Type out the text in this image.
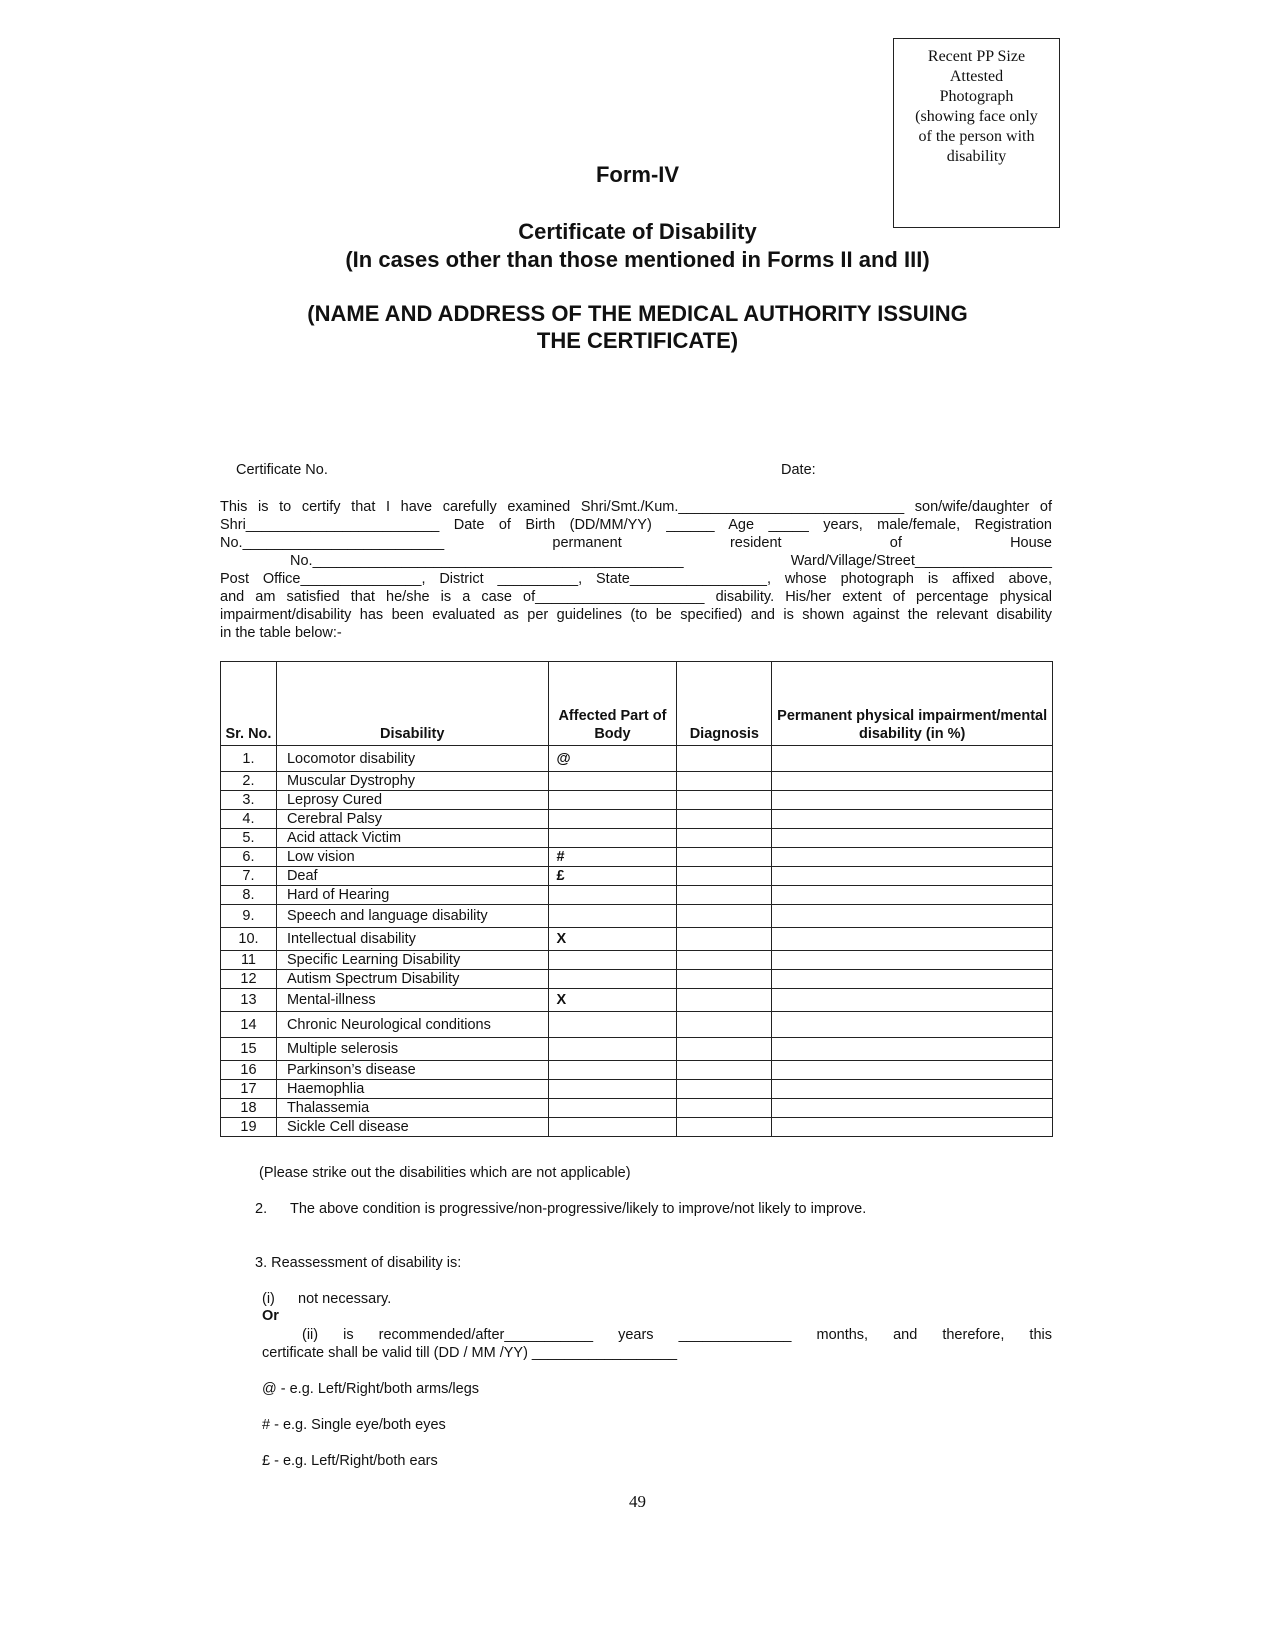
Recent PP Size
Attested
Photograph
(showing face only
of the person with
disability
Form-IV
Certificate of Disability
(In cases other than those mentioned in Forms II and III)
(NAME AND ADDRESS OF THE MEDICAL AUTHORITY ISSUING
THE CERTIFICATE)
Certificate No.	Date:
This is to certify that I have carefully examined Shri/Smt./Kum.____________________________ son/wife/daughter of
Shri________________________ Date of Birth (DD/MM/YY) ______ Age _____ years, male/female, Registration
No._________________________ permanent resident of House
No.______________________________________________ Ward/Village/Street_________________
Post Office_______________, District __________, State_________________, whose photograph is affixed above,
and am satisfied that he/she is a case of_____________________ disability. His/her extent of percentage physical
impairment/disability has been evaluated as per guidelines (to be specified) and is shown against the relevant disability
in the table below:-
Sr. No.	Disability	Affected Part of Body	Diagnosis	Permanent physical impairment/mental disability (in %)
1.	Locomotor disability	@		
2.	Muscular Dystrophy			
3.	Leprosy Cured			
4.	Cerebral Palsy			
5.	Acid attack Victim			
6.	Low vision	#		
7.	Deaf	£		
8.	Hard of Hearing			
9.	Speech and language disability			
10.	Intellectual disability	X		
11	Specific Learning Disability			
12	Autism Spectrum Disability			
13	Mental-illness	X		
14	Chronic Neurological conditions			
15	Multiple selerosis			
16	Parkinson’s disease			
17	Haemophlia			
18	Thalassemia			
19	Sickle Cell disease			
(Please strike out the disabilities which are not applicable)
2. The above condition is progressive/non-progressive/likely to improve/not likely to improve.
3. Reassessment of disability is:
(i) not necessary.
Or
(ii) is recommended/after___________ years ______________ months, and therefore, this
certificate shall be valid till (DD / MM /YY) __________________
@ - e.g. Left/Right/both arms/legs
# - e.g. Single eye/both eyes
£ - e.g. Left/Right/both ears
49
